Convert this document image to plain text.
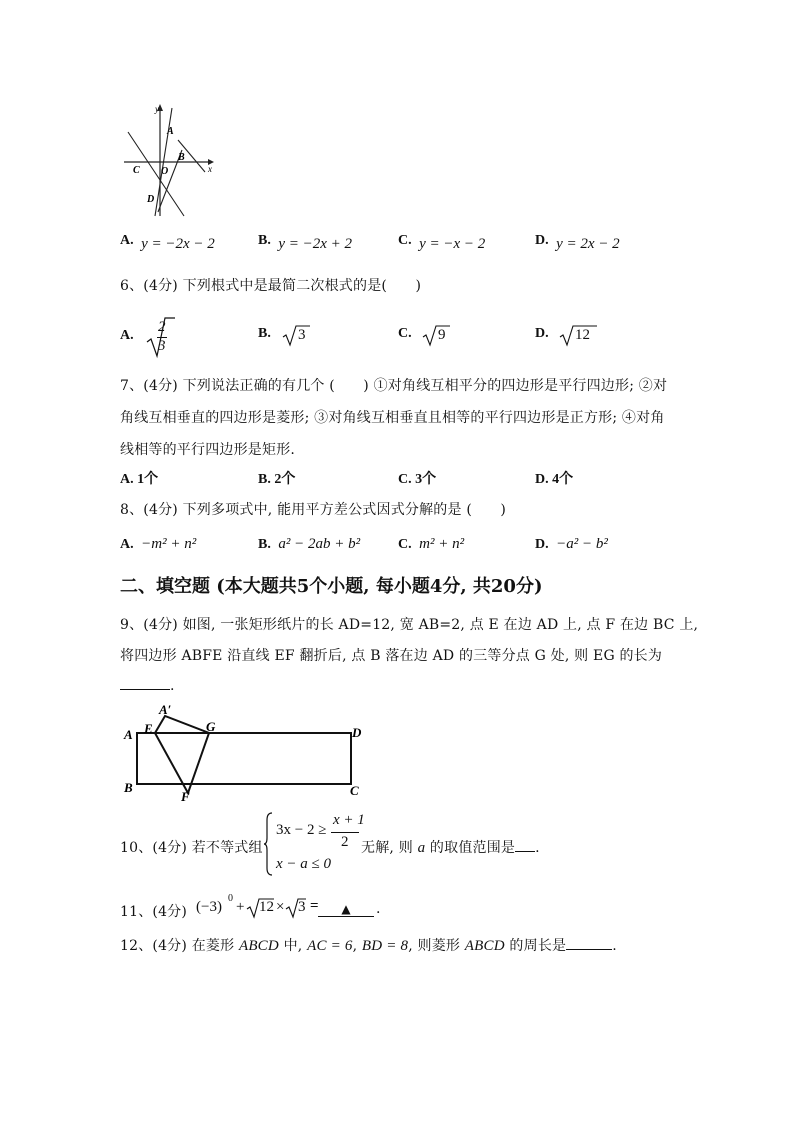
y
x
A
B
C O
D
A. y = −2x − 2	B. y = −2x + 2	C. y = −x − 2	D. y = 2x − 2
6、(4分) 下列根式中是最简二次根式的是(　　)
A.
2
3
B. 3	C. 9	D. 12
7、(4分) 下列说法正确的有几个 (　　) ①对角线互相平分的四边形是平行四边形; ②对
角线互相垂直的四边形是菱形; ③对角线互相垂直且相等的平行四边形是正方形; ④对角
线相等的平行四边形是矩形.
A. 1个	B. 2个	C. 3个	D. 4个
8、(4分) 下列多项式中, 能用平方差公式因式分解的是 (　　)
A. −m² + n²	B. a² − 2ab + b²	C. m² + n²	D. −a² − b²
二、填空题 (本大题共5个小题, 每小题4分, 共20分)
9、(4分) 如图, 一张矩形纸片的长 AD=12, 宽 AB=2, 点 E 在边 AD 上, 点 F 在边 BC 上,
将四边形 ABFE 沿直线 EF 翻折后, 点 B 落在边 AD 的三等分点 G 处, 则 EG 的长为
.
A′
E	G	D
A
B
F	C
10、(4分) 若不等式组
3x − 2 ≥
x + 1
2
x − a ≤ 0
无解, 则 a 的取值范围是 .
11、(4分) (−3)
0
+ 12 × 3 =	▲	.
12、(4分) 在菱形 ABCD 中, AC = 6, BD = 8, 则菱形 ABCD 的周长是	.
